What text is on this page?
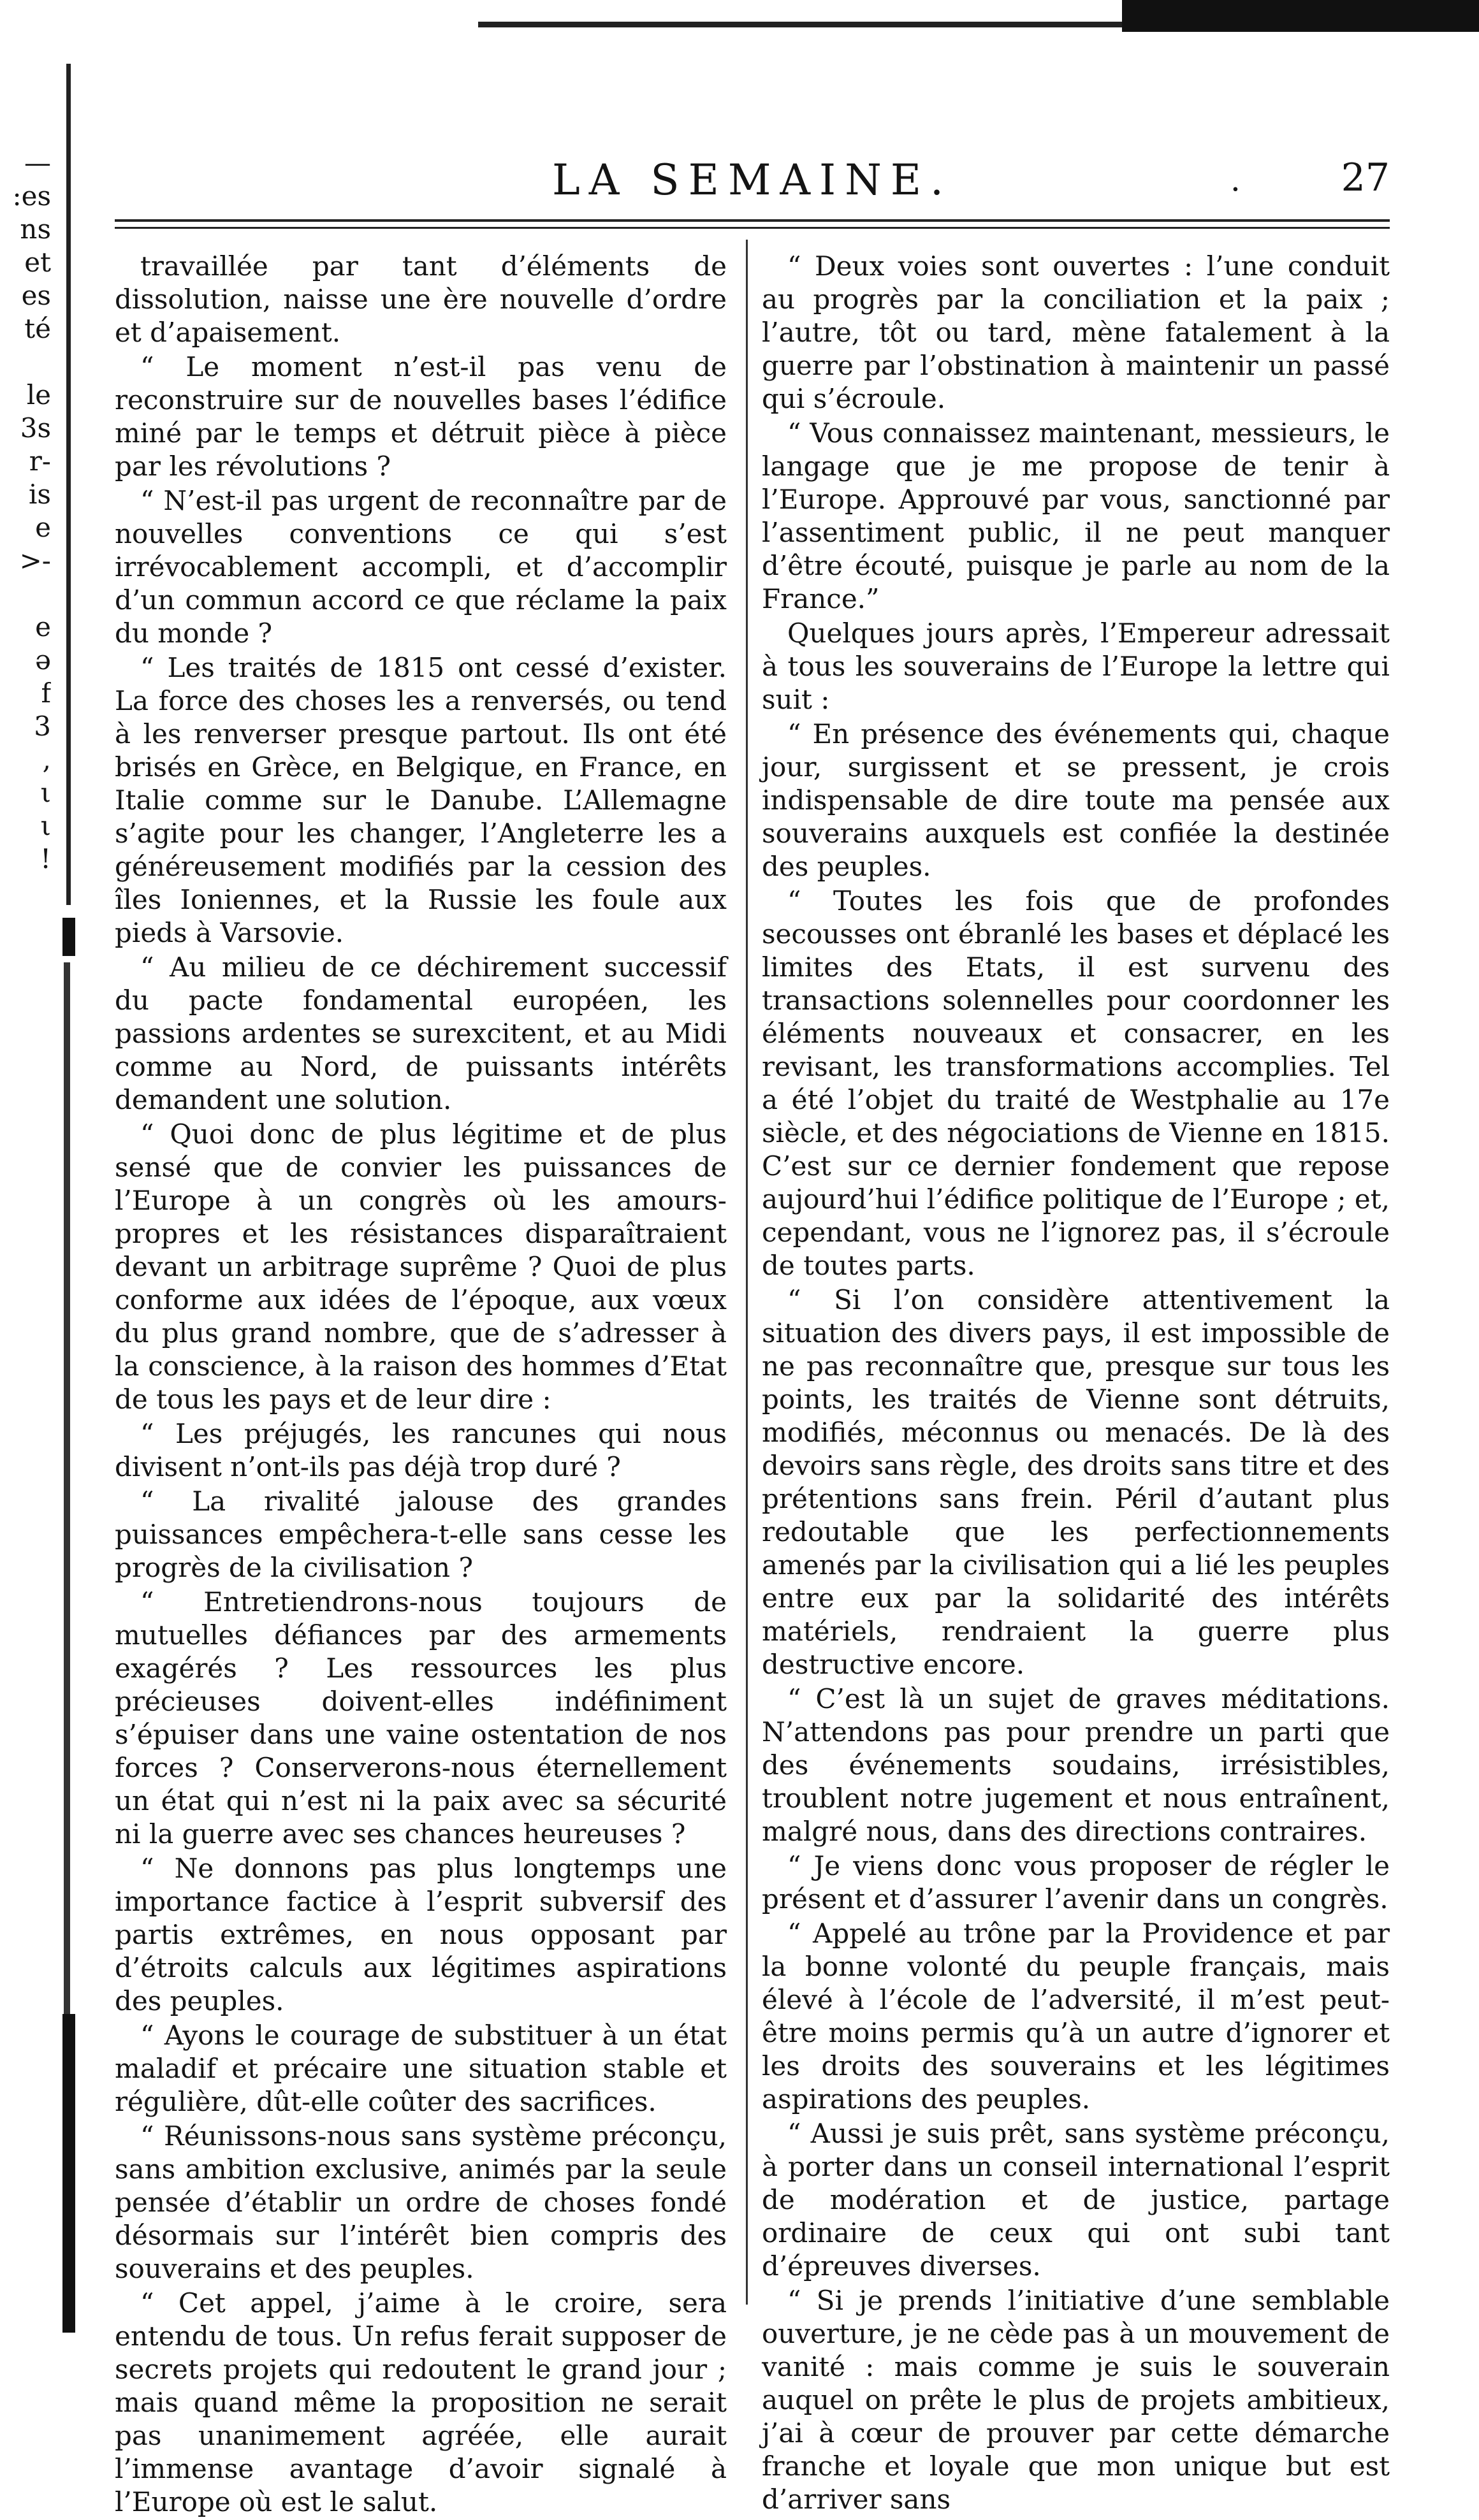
—
:es
ns
et
es
té
le
3s
r-
is
e
>-
e
ə
f
3
,
ι
ι
!
LA SEMAINE.	·	27

travaillée par tant d’éléments de dissolution, naisse une ère nouvelle d’ordre et d’apaisement.

“ Le moment n’est-il pas venu de reconstruire sur de nouvelles bases l’édifice miné par le temps et détruit pièce à pièce par les révolutions ?

“ N’est-il pas urgent de reconnaître par de nouvelles conventions ce qui s’est irrévocablement accompli, et d’accomplir d’un commun accord ce que réclame la paix du monde ?

“ Les traités de 1815 ont cessé d’exister. La force des choses les a renversés, ou tend à les renverser presque partout. Ils ont été brisés en Grèce, en Belgique, en France, en Italie comme sur le Danube. L’Allemagne s’agite pour les changer, l’Angleterre les a généreusement modifiés par la cession des îles Ioniennes, et la Russie les foule aux pieds à Varsovie.

“ Au milieu de ce déchirement successif du pacte fondamental européen, les passions ardentes se surexcitent, et au Midi comme au Nord, de puissants intérêts demandent une solution.

“ Quoi donc de plus légitime et de plus sensé que de convier les puissances de l’Europe à un congrès où les amours-propres et les résistances disparaîtraient devant un arbitrage suprême ? Quoi de plus conforme aux idées de l’époque, aux vœux du plus grand nombre, que de s’adresser à la conscience, à la raison des hommes d’Etat de tous les pays et de leur dire :

“ Les préjugés, les rancunes qui nous divisent n’ont-ils pas déjà trop duré ?

“ La rivalité jalouse des grandes puissances empêchera-t-elle sans cesse les progrès de la civilisation ?

“ Entretiendrons-nous toujours de mutuelles défiances par des armements exagérés ? Les ressources les plus précieuses doivent-elles indéfiniment s’épuiser dans une vaine ostentation de nos forces ? Conserverons-nous éternellement un état qui n’est ni la paix avec sa sécurité ni la guerre avec ses chances heureuses ?

“ Ne donnons pas plus longtemps une importance factice à l’esprit subversif des partis extrêmes, en nous opposant par d’étroits calculs aux légitimes aspirations des peuples.

“ Ayons le courage de substituer à un état maladif et précaire une situation stable et régulière, dût-elle coûter des sacrifices.

“ Réunissons-nous sans système préconçu, sans ambition exclusive, animés par la seule pensée d’établir un ordre de choses fondé désormais sur l’intérêt bien compris des souverains et des peuples.

“ Cet appel, j’aime à le croire, sera entendu de tous. Un refus ferait supposer de secrets projets qui redoutent le grand jour ; mais quand même la proposition ne serait pas unanimement agréée, elle aurait l’immense avantage d’avoir signalé à l’Europe où est le salut.

“ Deux voies sont ouvertes : l’une conduit au progrès par la conciliation et la paix ; l’autre, tôt ou tard, mène fatalement à la guerre par l’obstination à maintenir un passé qui s’écroule.

“ Vous connaissez maintenant, messieurs, le langage que je me propose de tenir à l’Europe. Approuvé par vous, sanctionné par l’assentiment public, il ne peut manquer d’être écouté, puisque je parle au nom de la France.”

Quelques jours après, l’Empereur adressait à tous les souverains de l’Europe la lettre qui suit :

“ En présence des événements qui, chaque jour, surgissent et se pressent, je crois indispensable de dire toute ma pensée aux souverains auxquels est confiée la destinée des peuples.

“ Toutes les fois que de profondes secousses ont ébranlé les bases et déplacé les limites des Etats, il est survenu des transactions solennelles pour coordonner les éléments nouveaux et consacrer, en les revisant, les transformations accomplies. Tel a été l’objet du traité de Westphalie au 17e siècle, et des négociations de Vienne en 1815. C’est sur ce dernier fondement que repose aujourd’hui l’édifice politique de l’Europe ; et, cependant, vous ne l’ignorez pas, il s’écroule de toutes parts.

“ Si l’on considère attentivement la situation des divers pays, il est impossible de ne pas reconnaître que, presque sur tous les points, les traités de Vienne sont détruits, modifiés, méconnus ou menacés. De là des devoirs sans règle, des droits sans titre et des prétentions sans frein. Péril d’autant plus redoutable que les perfectionnements amenés par la civilisation qui a lié les peuples entre eux par la solidarité des intérêts matériels, rendraient la guerre plus destructive encore.

“ C’est là un sujet de graves méditations. N’attendons pas pour prendre un parti que des événements soudains, irrésistibles, troublent notre jugement et nous entraînent, malgré nous, dans des directions contraires.

“ Je viens donc vous proposer de régler le présent et d’assurer l’avenir dans un congrès.

“ Appelé au trône par la Providence et par la bonne volonté du peuple français, mais élevé à l’école de l’adversité, il m’est peut-être moins permis qu’à un autre d’ignorer et les droits des souverains et les légitimes aspirations des peuples.

“ Aussi je suis prêt, sans système préconçu, à porter dans un conseil international l’esprit de modération et de justice, partage ordinaire de ceux qui ont subi tant d’épreuves diverses.

“ Si je prends l’initiative d’une semblable ouverture, je ne cède pas à un mouvement de vanité : mais comme je suis le souverain auquel on prête le plus de projets ambitieux, j’ai à cœur de prouver par cette démarche franche et loyale que mon unique but est d’arriver sans
